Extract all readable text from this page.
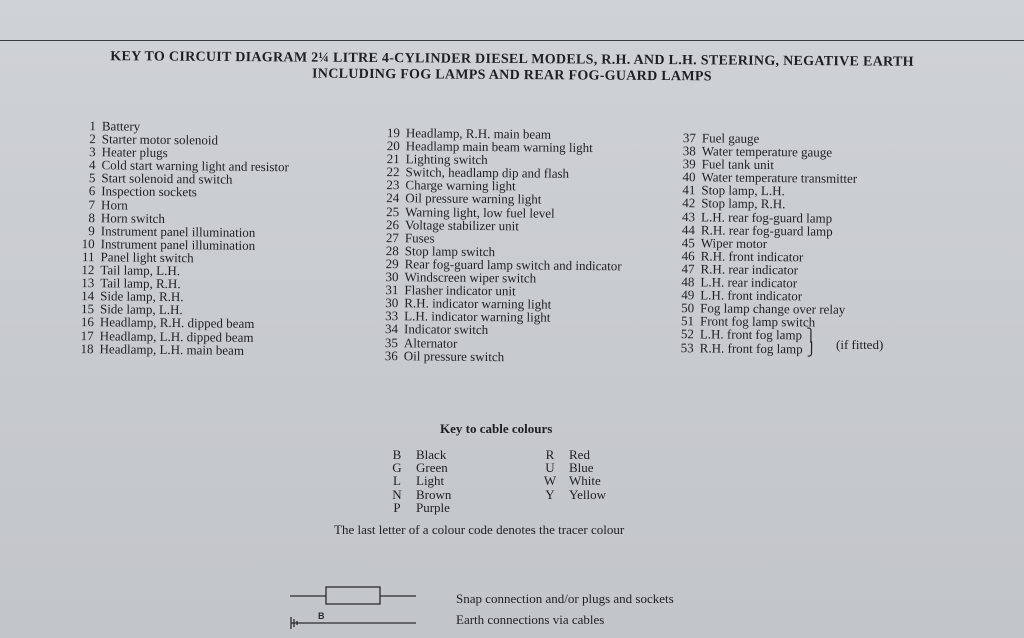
KEY TO CIRCUIT DIAGRAM 2¼ LITRE 4-CYLINDER DIESEL MODELS, R.H. AND L.H. STEERING, NEGATIVE EARTH
INCLUDING FOG LAMPS AND REAR FOG-GUARD LAMPS
1 Battery
2 Starter motor solenoid
3 Heater plugs
4 Cold start warning light and resistor
5 Start solenoid and switch
6 Inspection sockets
7 Horn
8 Horn switch
9 Instrument panel illumination
10 Instrument panel illumination
11 Panel light switch
12 Tail lamp, L.H.
13 Tail lamp, R.H.
14 Side lamp, R.H.
15 Side lamp, L.H.
16 Headlamp, R.H. dipped beam
17 Headlamp, L.H. dipped beam
18 Headlamp, L.H. main beam
19 Headlamp, R.H. main beam
20 Headlamp main beam warning light
21 Lighting switch
22 Switch, headlamp dip and flash
23 Charge warning light
24 Oil pressure warning light
25 Warning light, low fuel level
26 Voltage stabilizer unit
27 Fuses
28 Stop lamp switch
29 Rear fog-guard lamp switch and indicator
30 Windscreen wiper switch
31 Flasher indicator unit
30 R.H. indicator warning light
33 L.H. indicator warning light
34 Indicator switch
35 Alternator
36 Oil pressure switch
37 Fuel gauge
38 Water temperature gauge
39 Fuel tank unit
40 Water temperature transmitter
41 Stop lamp, L.H.
42 Stop lamp, R.H.
43 L.H. rear fog-guard lamp
44 R.H. rear fog-guard lamp
45 Wiper motor
46 R.H. front indicator
47 R.H. rear indicator
48 L.H. rear indicator
49 L.H. front indicator
50 Fog lamp change over relay
51 Front fog lamp switch
52 L.H. front fog lamp ⎫
53 R.H. front fog lamp ⎭ (if fitted)
Key to cable colours
B	Black
G	Green
L	Light
N	Brown
P	Purple
R	Red
U	Blue
W White
Y	Yellow
The last letter of a colour code denotes the tracer colour
B
Snap connection and/or plugs and sockets
Earth connections via cables
